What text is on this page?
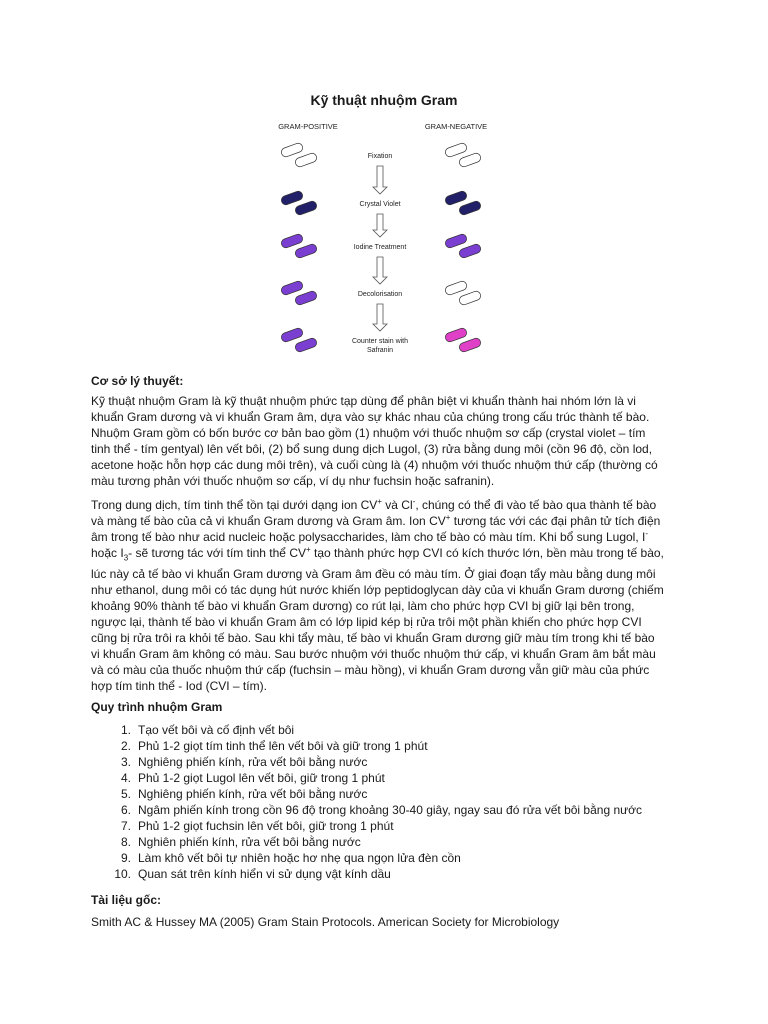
Kỹ thuật nhuộm Gram
GRAM-POSITIVE	GRAM-NEGATIVE
Fixation
Crystal Violet
Iodine Treatment
Decolorisation
Counter stain with
Safranin
Cơ sở lý thuyết:
Kỹ thuật nhuộm Gram là kỹ thuật nhuộm phức tạp dùng để phân biệt vi khuẩn thành hai nhóm lớn là vi
khuẩn Gram dương và vi khuẩn Gram âm, dựa vào sự khác nhau của chúng trong cấu trúc thành tế bào.
Nhuộm Gram gồm có bốn bước cơ bản bao gồm (1) nhuộm với thuốc nhuộm sơ cấp (crystal violet – tím
tinh thể - tím gentyal) lên vết bôi, (2) bổ sung dung dịch Lugol, (3) rửa bằng dung môi (cồn 96 độ, cồn lod,
acetone hoặc hỗn hợp các dung môi trên), và cuối cùng là (4) nhuộm với thuốc nhuộm thứ cấp (thường có
màu tương phản với thuốc nhuộm sơ cấp, ví dụ như fuchsin hoặc safranin).
Trong dung dịch, tím tinh thể tồn tại dưới dạng ion CV+ và Cl-, chúng có thể đi vào tế bào qua thành tế bào
và màng tế bào của cả vi khuẩn Gram dương và Gram âm. Ion CV+ tương tác với các đại phân tử tích điện
âm trong tế bào như acid nucleic hoặc polysaccharides, làm cho tế bào có màu tím. Khi bổ sung Lugol, I-
hoặc $I_3-$ sẽ tương tác với tím tinh thể CV+ tạo thành phức hợp CVI có kích thước lớn, bền màu trong tế bào,
lúc này cả tế bào vi khuẩn Gram dương và Gram âm đều có màu tím. Ở giai đoạn tẩy màu bằng dung môi
như ethanol, dung môi có tác dụng hút nước khiến lớp peptidoglycan dày của vi khuẩn Gram dương (chiếm
khoảng 90% thành tế bào vi khuẩn Gram dương) co rút lại, làm cho phức hợp CVI bị giữ lại bên trong,
ngược lại, thành tế bào vi khuẩn Gram âm có lớp lipid kép bị rửa trôi một phần khiến cho phức hợp CVI
cũng bị rửa trôi ra khỏi tế bào. Sau khi tẩy màu, tế bào vi khuẩn Gram dương giữ màu tím trong khi tế bào
vi khuẩn Gram âm không có màu. Sau bước nhuộm với thuốc nhuộm thứ cấp, vi khuẩn Gram âm bắt màu
và có màu của thuốc nhuộm thứ cấp (fuchsin – màu hồng), vi khuẩn Gram dương vẫn giữ màu của phức
hợp tím tinh thể - Iod (CVI – tím).
Quy trình nhuộm Gram
1. Tạo vết bôi và cố định vết bôi
2. Phủ 1-2 giọt tím tinh thể lên vết bôi và giữ trong 1 phút
3. Nghiêng phiến kính, rửa vết bôi bằng nước
4. Phủ 1-2 giọt Lugol lên vết bôi, giữ trong 1 phút
5. Nghiêng phiến kính, rửa vết bôi bằng nước
6. Ngâm phiến kính trong cồn 96 độ trong khoảng 30-40 giây, ngay sau đó rửa vết bôi bằng nước
7. Phủ 1-2 giọt fuchsin lên vết bôi, giữ trong 1 phút
8. Nghiên phiến kính, rửa vết bôi bằng nước
9. Làm khô vết bôi tự nhiên hoặc hơ nhẹ qua ngọn lửa đèn cồn
10. Quan sát trên kính hiển vi sử dụng vật kính dầu
Tài liệu gốc:
Smith AC & Hussey MA (2005) Gram Stain Protocols. American Society for Microbiology
